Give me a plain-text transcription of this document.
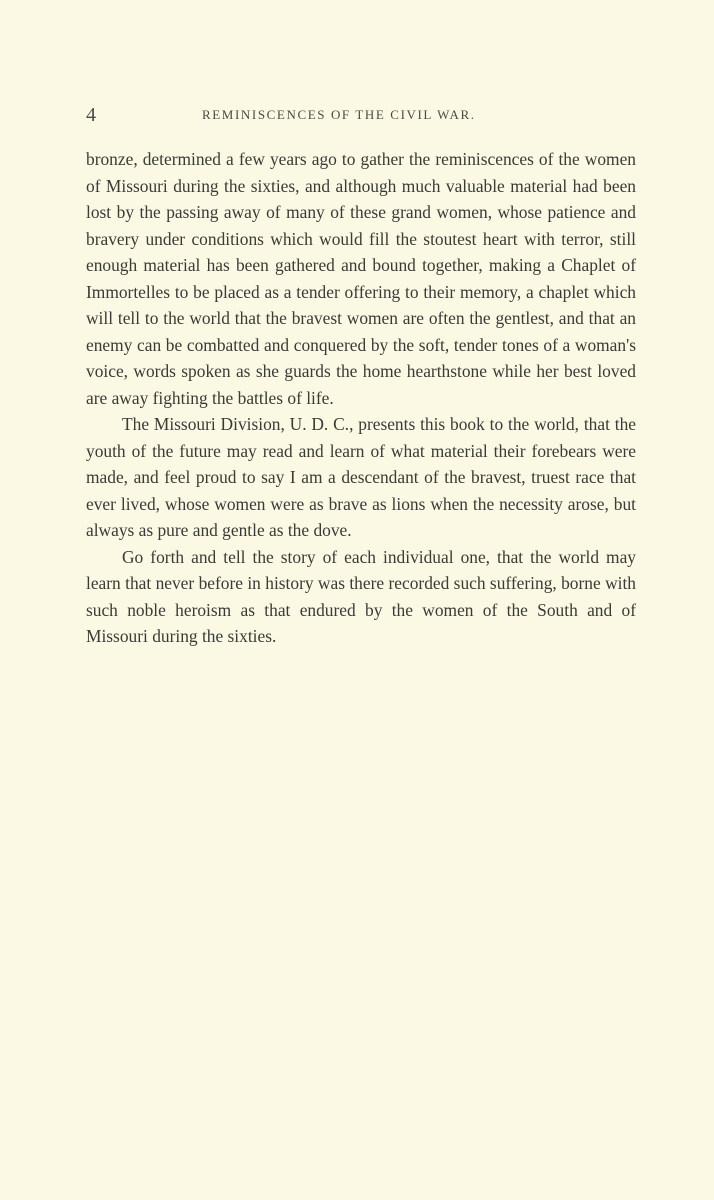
4	REMINISCENCES OF THE CIVIL WAR.

bronze, determined a few years ago to gather the reminiscences of the women of Missouri during the sixties, and although much valuable material had been lost by the passing away of many of these grand women, whose patience and bravery under conditions which would fill the stoutest heart with terror, still enough material has been gathered and bound together, making a Chaplet of Immortelles to be placed as a tender offering to their memory, a chaplet which will tell to the world that the bravest women are often the gentlest, and that an enemy can be combatted and conquered by the soft, tender tones of a woman's voice, words spoken as she guards the home hearthstone while her best loved are away fighting the battles of life.

The Missouri Division, U. D. C., presents this book to the world, that the youth of the future may read and learn of what material their forebears were made, and feel proud to say I am a descendant of the bravest, truest race that ever lived, whose women were as brave as lions when the necessity arose, but always as pure and gentle as the dove.

Go forth and tell the story of each individual one, that the world may learn that never before in history was there recorded such suffering, borne with such noble heroism as that endured by the women of the South and of Missouri during the sixties.
